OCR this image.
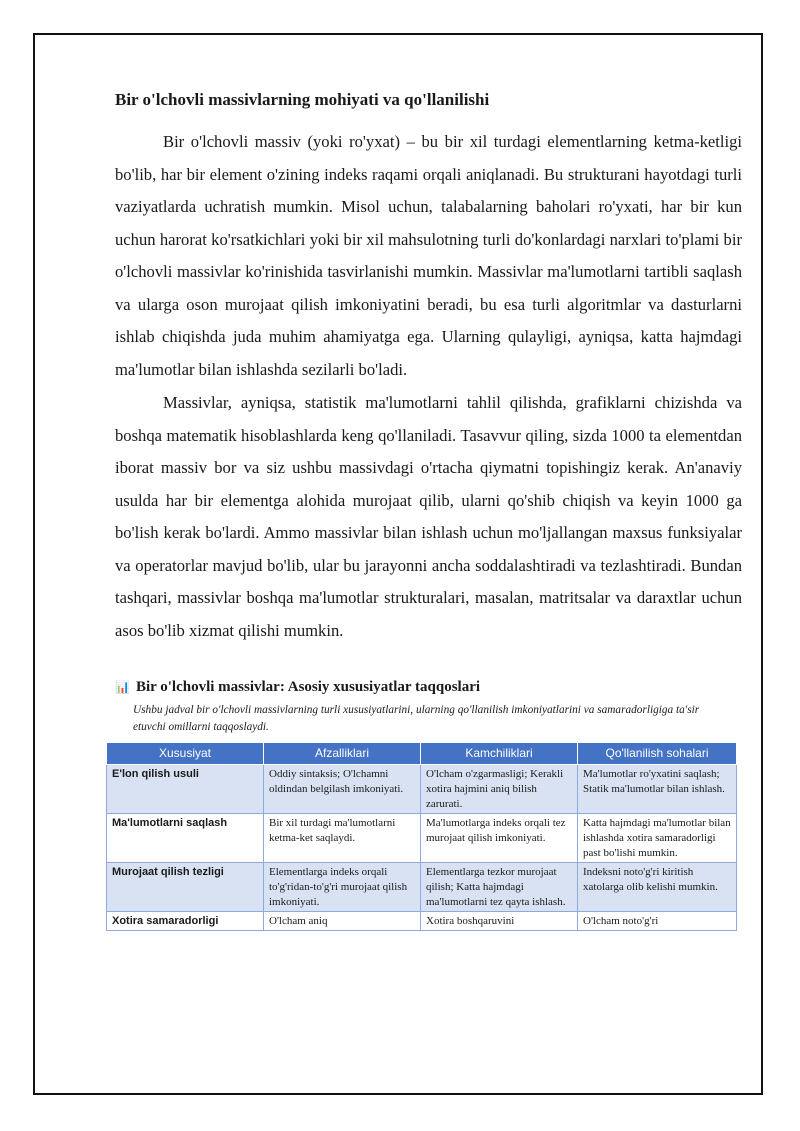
Bir o'lchovli massivlarning mohiyati va qo'llanilishi

Bir o'lchovli massiv (yoki ro'yxat) – bu bir xil turdagi elementlarning ketma-ketligi bo'lib, har bir element o'zining indeks raqami orqali aniqlanadi. Bu strukturani hayotdagi turli vaziyatlarda uchratish mumkin. Misol uchun, talabalarning baholari ro'yxati, har bir kun uchun harorat ko'rsatkichlari yoki bir xil mahsulotning turli do'konlardagi narxlari to'plami bir o'lchovli massivlar ko'rinishida tasvirlanishi mumkin. Massivlar ma'lumotlarni tartibli saqlash va ularga oson murojaat qilish imkoniyatini beradi, bu esa turli algoritmlar va dasturlarni ishlab chiqishda juda muhim ahamiyatga ega. Ularning qulayligi, ayniqsa, katta hajmdagi ma'lumotlar bilan ishlashda sezilarli bo'ladi.

Massivlar, ayniqsa, statistik ma'lumotlarni tahlil qilishda, grafiklarni chizishda va boshqa matematik hisoblashlarda keng qo'llaniladi. Tasavvur qiling, sizda 1000 ta elementdan iborat massiv bor va siz ushbu massivdagi o'rtacha qiymatni topishingiz kerak. An'anaviy usulda har bir elementga alohida murojaat qilib, ularni qo'shib chiqish va keyin 1000 ga bo'lish kerak bo'lardi. Ammo massivlar bilan ishlash uchun mo'ljallangan maxsus funksiyalar va operatorlar mavjud bo'lib, ular bu jarayonni ancha soddalashtiradi va tezlashtiradi. Bundan tashqari, massivlar boshqa ma'lumotlar strukturalari, masalan, matritsalar va daraxtlar uchun asos bo'lib xizmat qilishi mumkin.

📊 Bir o'lchovli massivlar: Asosiy xususiyatlar taqqoslari
Ushbu jadval bir o'lchovli massivlarning turli xususiyatlarini, ularning qo'llanilish imkoniyatlarini va samaradorligiga ta'sir etuvchi omillarni taqqoslaydi.
Xususiyat	Afzalliklari	Kamchiliklari	Qo'llanilish sohalari
E'lon qilish usuli	Oddiy sintaksis; O'lchamni oldindan belgilash imkoniyati.	O'lcham o'zgarmasligi; Kerakli xotira hajmini aniq bilish zarurati.	Ma'lumotlar ro'yxatini saqlash; Statik ma'lumotlar bilan ishlash.
Ma'lumotlarni saqlash	Bir xil turdagi ma'lumotlarni ketma-ket saqlaydi.	Ma'lumotlarga indeks orqali tez murojaat qilish imkoniyati.	Katta hajmdagi ma'lumotlar bilan ishlashda xotira samaradorligi past bo'lishi mumkin.
Murojaat qilish tezligi	Elementlarga indeks orqali to'g'ridan-to'g'ri murojaat qilish imkoniyati.	Elementlarga tezkor murojaat qilish; Katta hajmdagi ma'lumotlarni tez qayta ishlash.	Indeksni noto'g'ri kiritish xatolarga olib kelishi mumkin.
Xotira samaradorligi	O'lcham aniq	Xotira boshqaruvini	O'lcham noto'g'ri
